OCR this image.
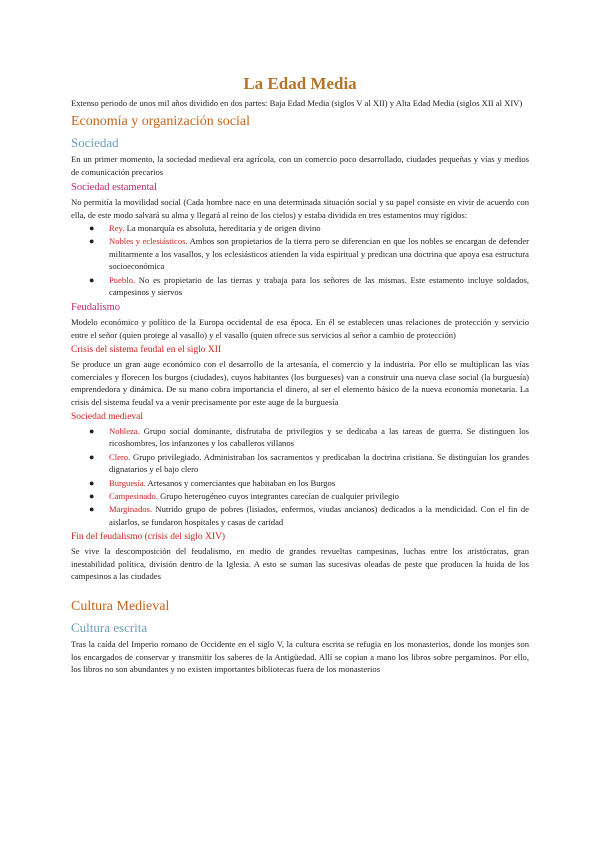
La Edad Media

Extenso periodo de unos mil años dividido en dos partes: Baja Edad Media (siglos V al XII) y Alta Edad Media (siglos XII al XIV)

Economía y organización social
Sociedad

En un primer momento, la sociedad medieval era agrícola, con un comercio poco desarrollado, ciudades pequeñas y vías y medios de comunicación precarios

Sociedad estamental

No permitía la movilidad social (Cada hombre nace en una determinada situación social y su papel consiste en vivir de acuerdo con ella, de este modo salvará su alma y llegará al reino de los cielos) y estaba dividida en tres estamentos muy rígidos:

● Rey. La monarquía es absoluta, hereditaria y de origen divino
● Nobles y eclesiásticos. Ambos son propietarios de la tierra pero se diferencian en que los nobles se encargan de defender militarmente a los vasallos, y los eclesiásticos atienden la vida espiritual y predican una doctrina que apoya esa estructura socioeconómica
● Pueblo. No es propietario de las tierras y trabaja para los señores de las mismas. Este estamento incluye soldados, campesinos y siervos
Feudalismo

Modelo económico y político de la Europa occidental de esa época. En él se establecen unas relaciones de protección y servicio entre el señor (quien protege al vasallo) y el vasallo (quien ofrece sus servicios al señor a cambio de protección)

Crisis del sistema feudal en el siglo XII

Se produce un gran auge económico con el desarrollo de la artesanía, el comercio y la industria. Por ello se multiplican las vías comerciales y florecen los burgos (ciudades), cuyos habitantes (los burgueses) van a construir una nueva clase social (la burguesía) emprendedora y dinámica. De su mano cobra importancia el dinero, al ser el elemento básico de la nueva economía monetaria. La crisis del sistema feudal va a venir precisamente por este auge de la burguesía

Sociedad medieval
● Nobleza. Grupo social dominante, disfrutaba de privilegios y se dedicaba a las tareas de guerra. Se distinguen los ricoshombres, los infanzones y los caballeros villanos
● Clero. Grupo privilegiado. Administraban los sacramentos y predicaban la doctrina cristiana. Se distinguían los grandes dignatarios y el bajo clero
● Burguesía. Artesanos y comerciantes que habitaban en los Burgos
● Campesinado. Grupo heterogéneo cuyos integrantes carecían de cualquier privilegio
● Marginados. Nutrido grupo de pobres (lisiados, enfermos, viudas ancianos) dedicados a la mendicidad. Con el fin de aislarlos, se fundaron hospitales y casas de caridad
Fin del feudalismo (crisis del siglo XIV)

Se vive la descomposición del feudalismo, en medio de grandes revueltas campesinas, luchas entre los aristócratas, gran inestabilidad política, división dentro de la Iglesia. A esto se suman las sucesivas oleadas de peste que producen la huida de los campesinos a las ciudades

Cultura Medieval
Cultura escrita

Tras la caída del Imperio romano de Occidente en el siglo V, la cultura escrita se refugia en los monasterios, donde los monjes son los encargados de conservar y transmitir los saberes de la Antigüedad. Allí se copian a mano los libros sobre pergaminos. Por ello, los libros no son abundantes y no existen importantes bibliotecas fuera de los monasterios
